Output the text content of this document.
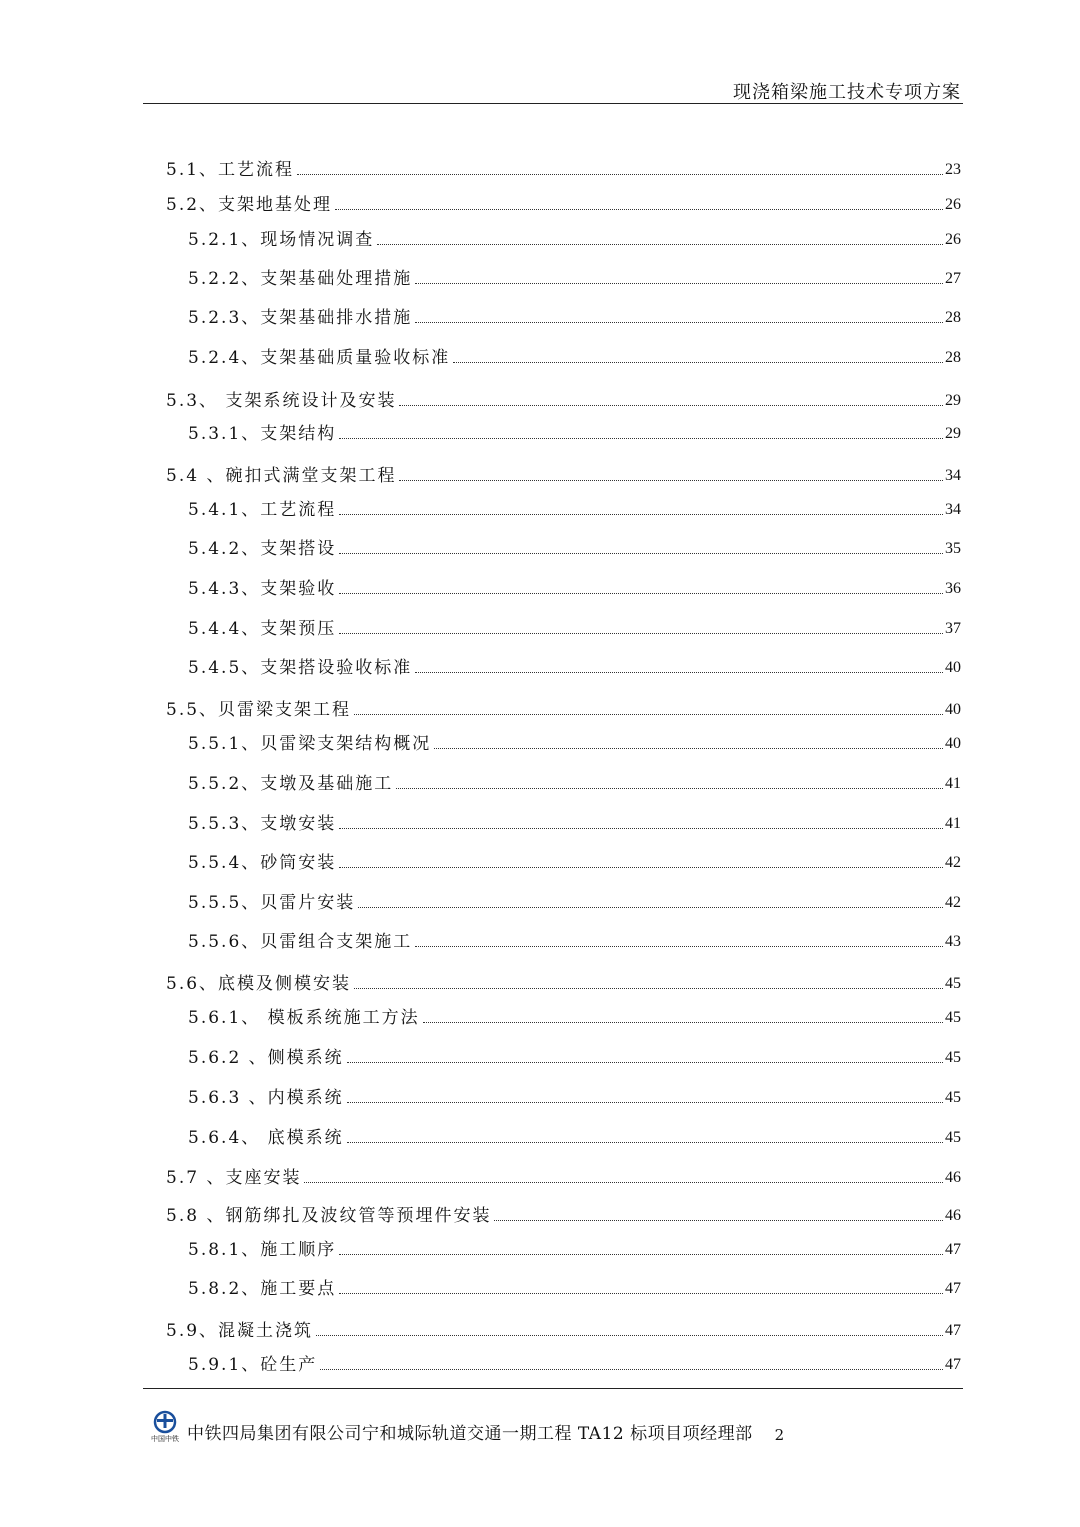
现浇箱梁施工技术专项方案
5.1 、工艺流程	23
5.2 、支架地基处理	26
5.2.1 、现场情况调查	26
5.2.2 、支架基础处理措施	27
5.2.3 、支架基础排水措施	28
5.2.4 、支架基础质量验收标准	28
5.3 、 支架系统设计及安装	29
5.3.1 、支架结构	29
5.4 、碗扣式满堂支架工程	34
5.4.1 、工艺流程	34
5.4.2 、支架搭设	35
5.4.3 、支架验收	36
5.4.4 、支架预压	37
5.4.5 、支架搭设验收标准	40
5.5 、贝雷梁支架工程	40
5.5.1 、贝雷梁支架结构概况	40
5.5.2 、支墩及基础施工	41
5.5.3 、支墩安装	41
5.5.4 、砂筒安装	42
5.5.5 、贝雷片安装	42
5.5.6 、贝雷组合支架施工	43
5.6 、底模及侧模安装	45
5.6.1 、 模板系统施工方法	45
5.6.2 、侧模系统	45
5.6.3 、内模系统	45
5.6.4 、 底模系统	45
5.7 、支座安装	46
5.8 、钢筋绑扎及波纹管等预埋件安装	46
5.8.1 、施工顺序	47
5.8.2 、施工要点	47
5.9 、混凝土浇筑	47
5.9.1 、砼生产	47
中国中铁 中铁四局集团有限公司宁和城际轨道交通一期工程 TA12 标项目项经理部 2
